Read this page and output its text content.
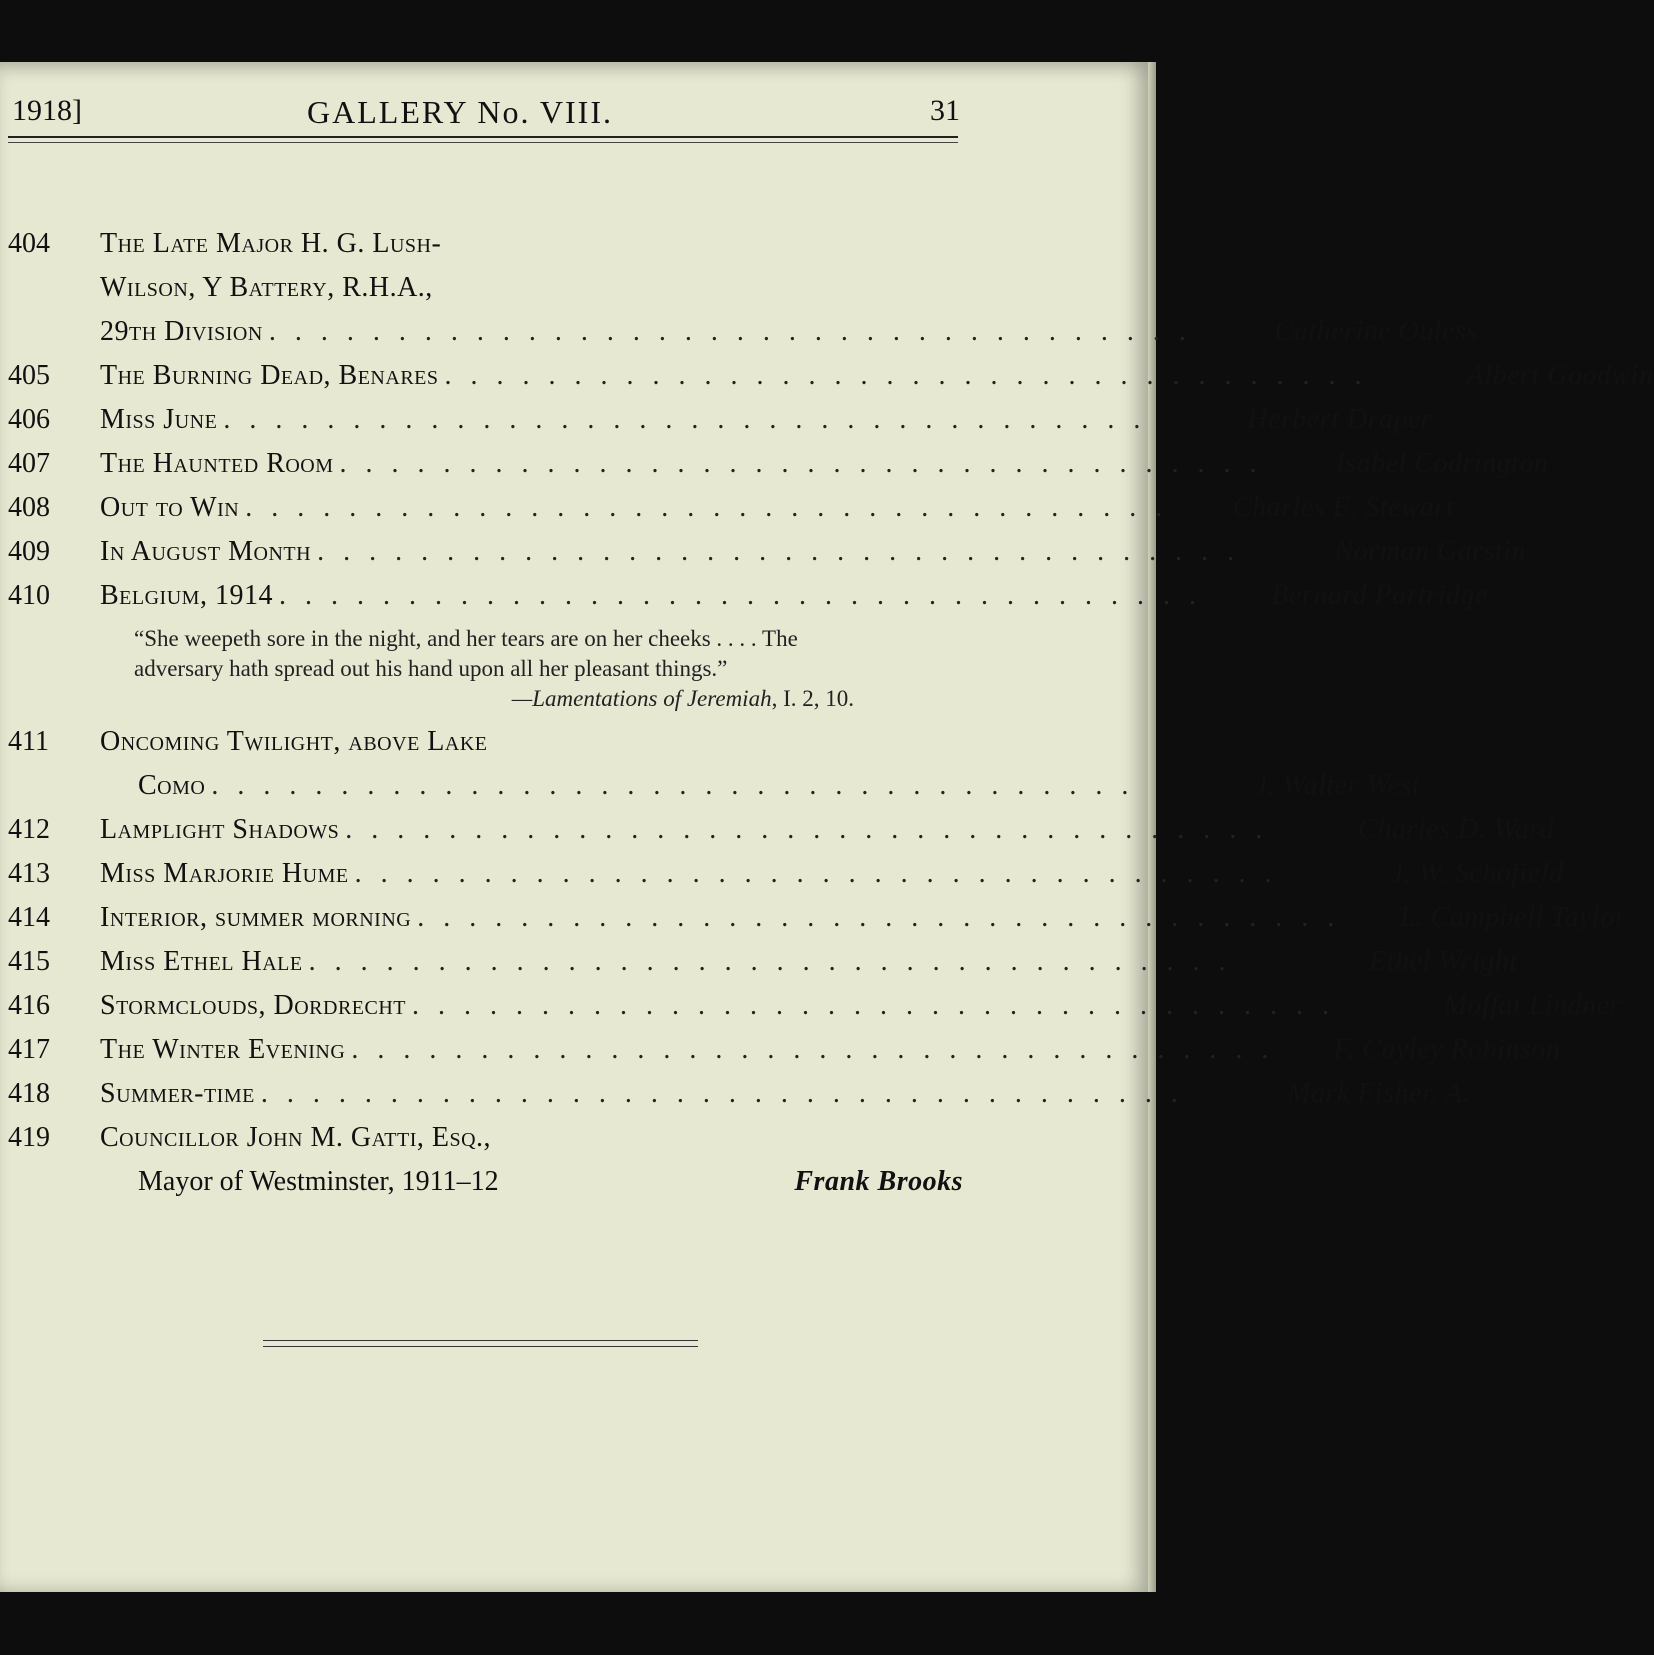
1918]	GALLERY No. VIII.	31
404	The Late Major H. G. Lush-
Wilson, Y Battery, R.H.A.,
29th Division . . . . . . . . . . . . . . . . . . . . . . . . . . . . . . . . . . . .	Catherine Ouless
405	The Burning Dead, Benares . . . . . . . . . . . . . . . . . . . . . . . . . . . . . . . . . . . .	Albert Goodwin
406	Miss June . . . . . . . . . . . . . . . . . . . . . . . . . . . . . . . . . . . .	Herbert Draper
407	The Haunted Room . . . . . . . . . . . . . . . . . . . . . . . . . . . . . . . . . . . .	Isabel Codrington
408	Out to Win . . . . . . . . . . . . . . . . . . . . . . . . . . . . . . . . . . . .	Charles E. Stewart
409	In August Month . . . . . . . . . . . . . . . . . . . . . . . . . . . . . . . . . . . .	Norman Garstin
410	Belgium, 1914 . . . . . . . . . . . . . . . . . . . . . . . . . . . . . . . . . . . .	Bernard Partridge
“She weepeth sore in the night, and her tears are on her cheeks . . . . The adversary hath spread out his hand upon all her pleasant things.”
—Lamentations of Jeremiah, I. 2, 10.
411	Oncoming Twilight, above Lake
Como . . . . . . . . . . . . . . . . . . . . . . . . . . . . . . . . . . . .	J. Walter West
412	Lamplight Shadows . . . . . . . . . . . . . . . . . . . . . . . . . . . . . . . . . . . .	Charles D. Ward
413	Miss Marjorie Hume . . . . . . . . . . . . . . . . . . . . . . . . . . . . . . . . . . . .	J. W. Schofield
414	Interior, summer morning . . . . . . . . . . . . . . . . . . . . . . . . . . . . . . . . . . . .	L. Campbell Taylor
415	Miss Ethel Hale . . . . . . . . . . . . . . . . . . . . . . . . . . . . . . . . . . . .	Ethel Wright
416	Stormclouds, Dordrecht . . . . . . . . . . . . . . . . . . . . . . . . . . . . . . . . . . . .	Moffat Lindner
417	The Winter Evening . . . . . . . . . . . . . . . . . . . . . . . . . . . . . . . . . . . .	F. Cayley Robinson
418	Summer-time . . . . . . . . . . . . . . . . . . . . . . . . . . . . . . . . . . . .	Mark Fisher, A.
419	Councillor John M. Gatti, Esq.,
Mayor of Westminster, 1911–12	Frank Brooks
